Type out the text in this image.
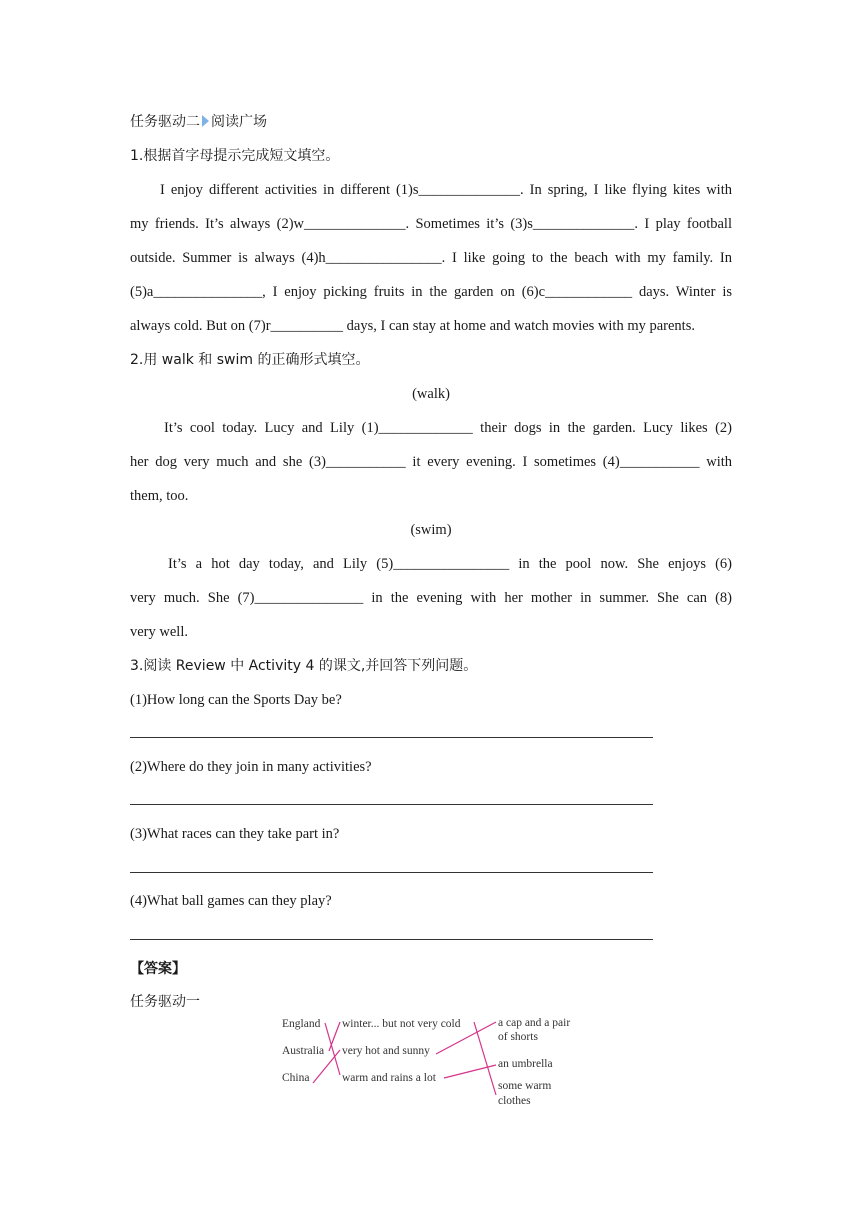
任务驱动二 阅读广场
1.根据首字母提示完成短文填空。
I enjoy different activities in different (1)s______________. In spring, I like flying kites with
my friends. It’s always (2)w______________. Sometimes it’s (3)s______________. I play football
outside. Summer is always (4)h________________. I like going to the beach with my family. In
(5)a_______________, I enjoy picking fruits in the garden on (6)c____________ days. Winter is
always cold. But on (7)r__________ days, I can stay at home and watch movies with my parents.
2.用 walk 和 swim 的正确形式填空。
(walk)
It’s cool today. Lucy and Lily (1)_____________ their dogs in the garden. Lucy likes (2)
her dog very much and she (3)___________ it every evening. I sometimes (4)___________ with
them, too.
(swim)
It’s a hot day today, and Lily (5)________________ in the pool now. She enjoys (6)
very much. She (7)_______________ in the evening with her mother in summer. She can (8)
very well.
3.阅读 Review 中 Activity 4 的课文,并回答下列问题。
(1)How long can the Sports Day be?
(2)Where do they join in many activities?
(3)What races can they take part in?
(4)What ball games can they play?
【答案】
任务驱动一
England
Australia
China
winter... but not very cold
very hot and sunny
warm and rains a lot
a cap and a pair
of shorts
an umbrella
some warm
clothes
